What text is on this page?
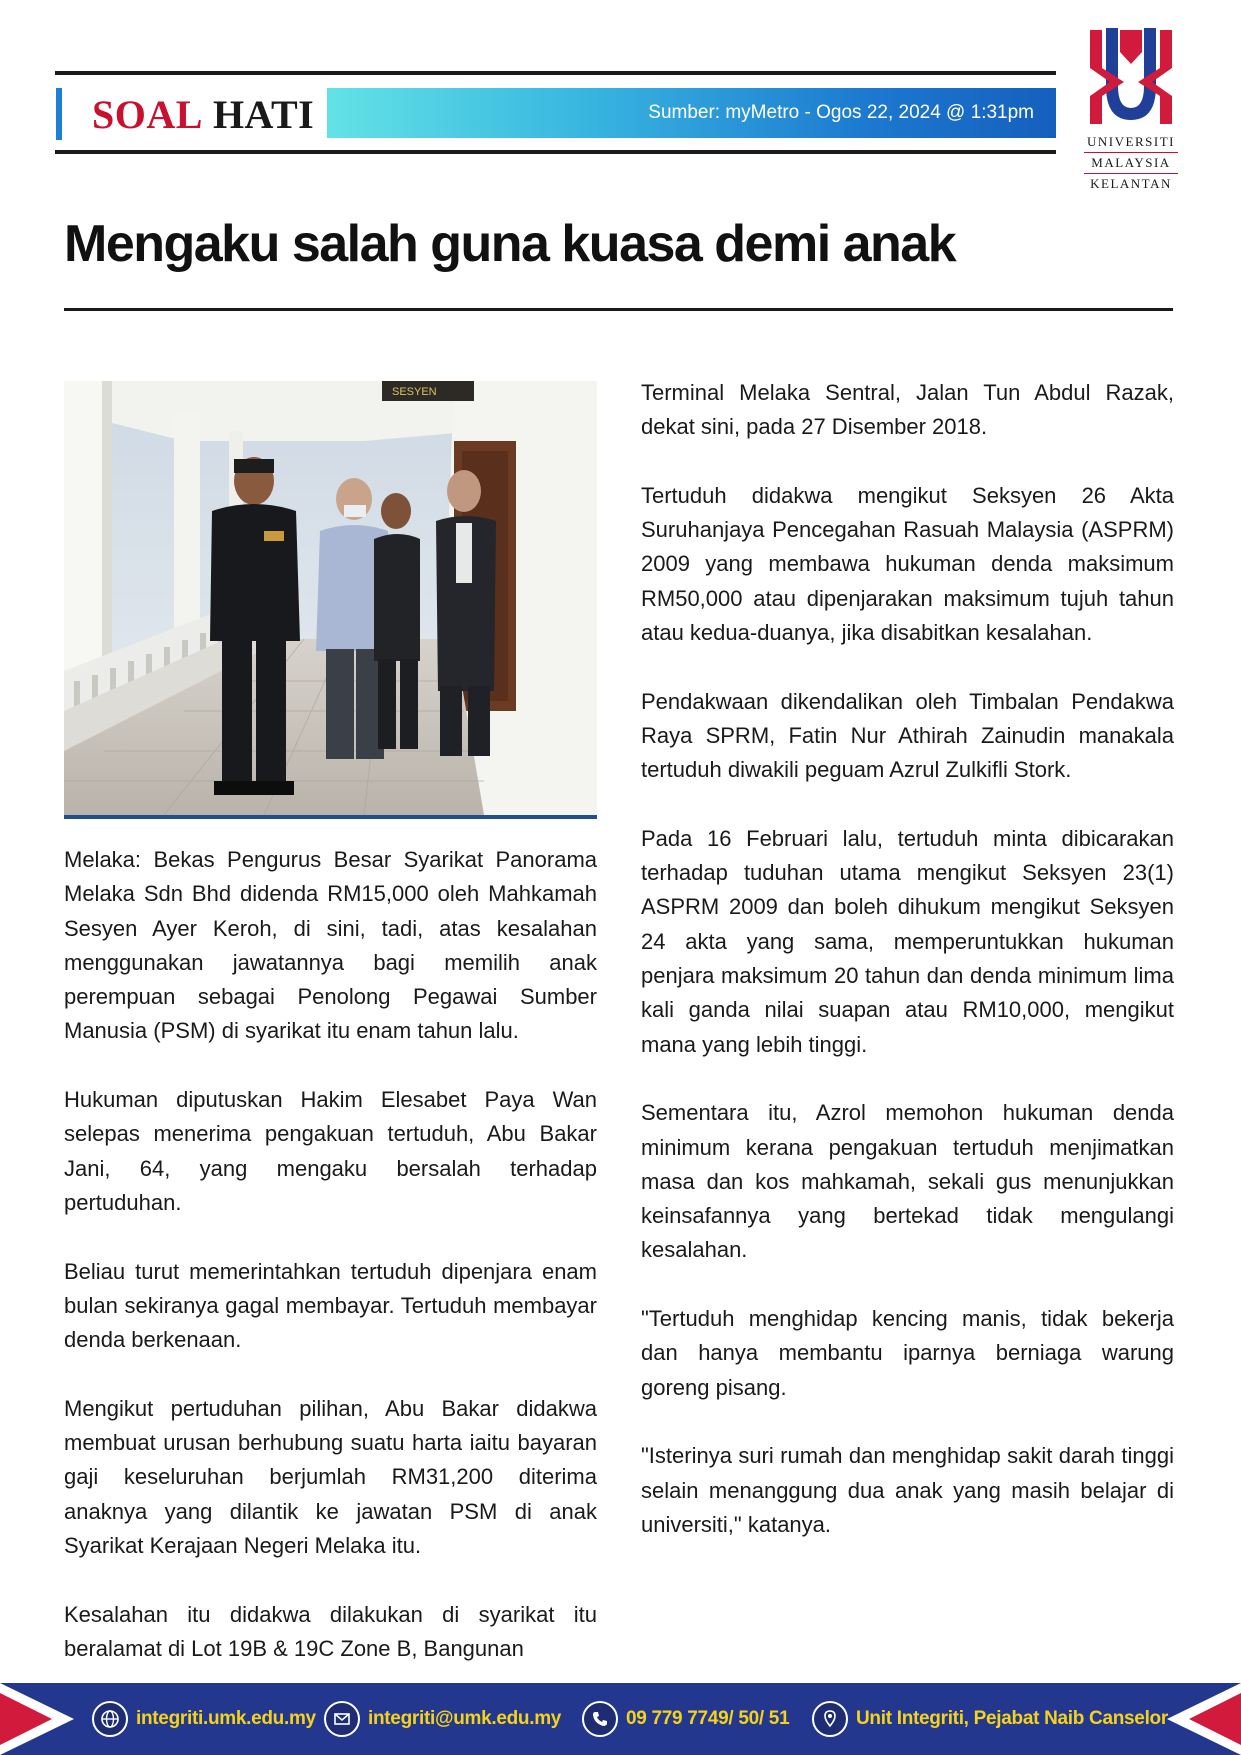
SOAL HATI	Sumber: myMetro - Ogos 22, 2024 @ 1:31pm
UNIVERSITI
MALAYSIA
KELANTAN
Mengaku salah guna kuasa demi anak
SESYEN

Melaka: Bekas Pengurus Besar Syarikat Panorama Melaka Sdn Bhd didenda RM15,000 oleh Mahkamah Sesyen Ayer Keroh, di sini, tadi, atas kesalahan menggunakan jawatannya bagi memilih anak perempuan sebagai Penolong Pegawai Sumber Manusia (PSM) di syarikat itu enam tahun lalu.

Hukuman diputuskan Hakim Elesabet Paya Wan selepas menerima pengakuan tertuduh, Abu Bakar Jani, 64, yang mengaku bersalah terhadap pertuduhan.

Beliau turut memerintahkan tertuduh dipenjara enam bulan sekiranya gagal membayar. Tertuduh membayar denda berkenaan.

Mengikut pertuduhan pilihan, Abu Bakar didakwa membuat urusan berhubung suatu harta iaitu bayaran gaji keseluruhan berjumlah RM31,200 diterima anaknya yang dilantik ke jawatan PSM di anak Syarikat Kerajaan Negeri Melaka itu.

Kesalahan itu didakwa dilakukan di syarikat itu beralamat di Lot 19B & 19C Zone B, Bangunan

Terminal Melaka Sentral, Jalan Tun Abdul Razak, dekat sini, pada 27 Disember 2018.

Tertuduh didakwa mengikut Seksyen 26 Akta Suruhanjaya Pencegahan Rasuah Malaysia (ASPRM) 2009 yang membawa hukuman denda maksimum RM50,000 atau dipenjarakan maksimum tujuh tahun atau kedua-duanya, jika disabitkan kesalahan.

Pendakwaan dikendalikan oleh Timbalan Pendakwa Raya SPRM, Fatin Nur Athirah Zainudin manakala tertuduh diwakili peguam Azrul Zulkifli Stork.

Pada 16 Februari lalu, tertuduh minta dibicarakan terhadap tuduhan utama mengikut Seksyen 23(1) ASPRM 2009 dan boleh dihukum mengikut Seksyen 24 akta yang sama, memperuntukkan hukuman penjara maksimum 20 tahun dan denda minimum lima kali ganda nilai suapan atau RM10,000, mengikut mana yang lebih tinggi.

Sementara itu, Azrol memohon hukuman denda minimum kerana pengakuan tertuduh menjimatkan masa dan kos mahkamah, sekali gus menunjukkan keinsafannya yang bertekad tidak mengulangi kesalahan.

"Tertuduh menghidap kencing manis, tidak bekerja dan hanya membantu iparnya berniaga warung goreng pisang.

"Isterinya suri rumah dan menghidap sakit darah tinggi selain menanggung dua anak yang masih belajar di universiti," katanya.

integriti.umk.edu.my	integriti@umk.edu.my	09 779 7749/ 50/ 51	Unit Integriti, Pejabat Naib Canselor
